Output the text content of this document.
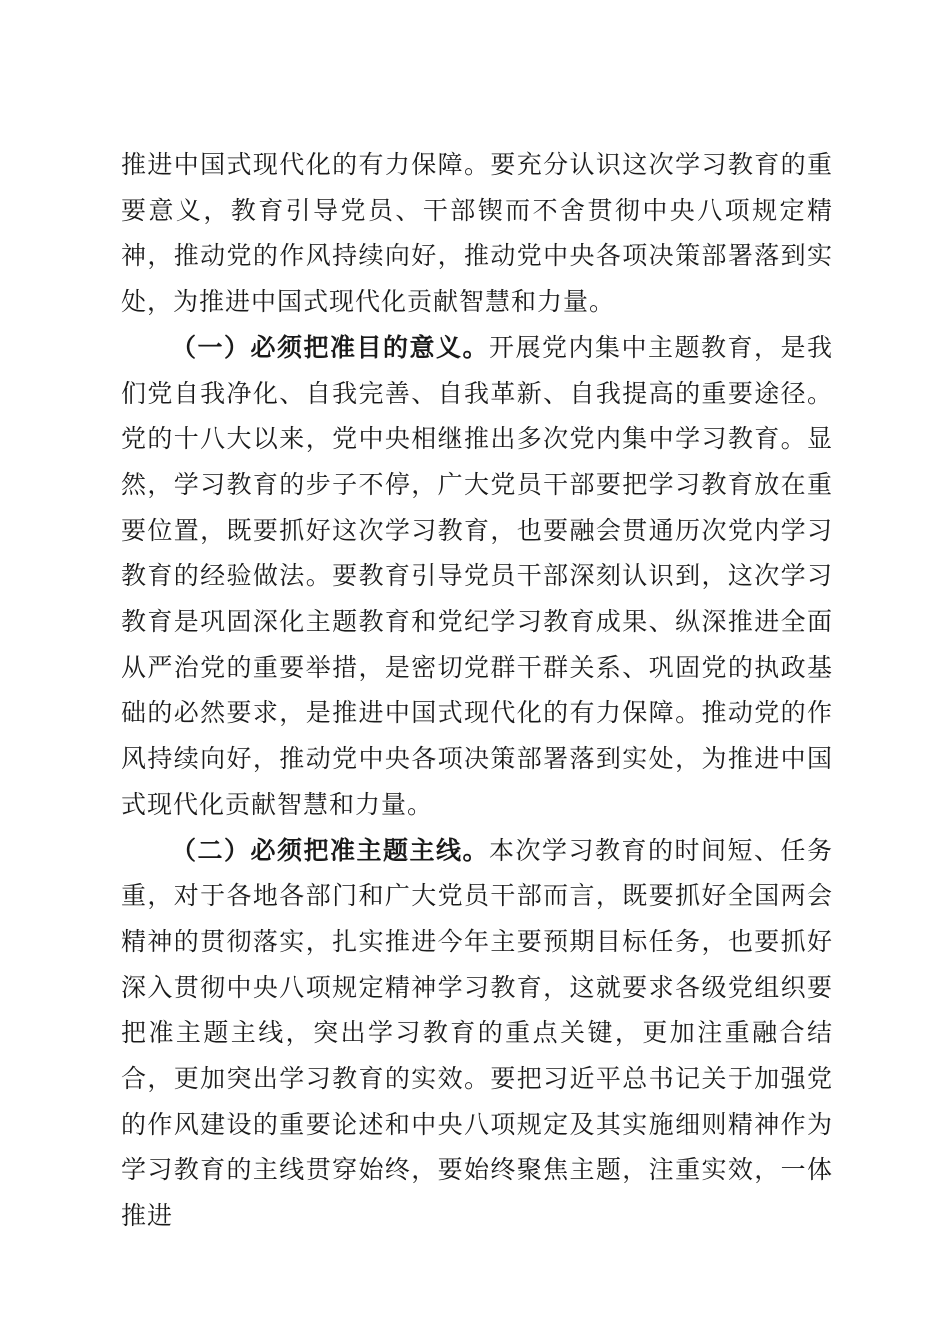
推进中国式现代化的有力保障。要充分认识这次学习教育的重要意义，教育引导党员、干部锲而不舍贯彻中央八项规定精神，推动党的作风持续向好，推动党中央各项决策部署落到实处，为推进中国式现代化贡献智慧和力量。

（一）必须把准目的意义。开展党内集中主题教育，是我们党自我净化、自我完善、自我革新、自我提高的重要途径。党的十八大以来，党中央相继推出多次党内集中学习教育。显然，学习教育的步子不停，广大党员干部要把学习教育放在重要位置，既要抓好这次学习教育，也要融会贯通历次党内学习教育的经验做法。要教育引导党员干部深刻认识到，这次学习教育是巩固深化主题教育和党纪学习教育成果、纵深推进全面从严治党的重要举措，是密切党群干群关系、巩固党的执政基础的必然要求，是推进中国式现代化的有力保障。推动党的作风持续向好，推动党中央各项决策部署落到实处，为推进中国式现代化贡献智慧和力量。

（二）必须把准主题主线。本次学习教育的时间短、任务重，对于各地各部门和广大党员干部而言，既要抓好全国两会精神的贯彻落实，扎实推进今年主要预期目标任务，也要抓好深入贯彻中央八项规定精神学习教育，这就要求各级党组织要把准主题主线，突出学习教育的重点关键，更加注重融合结合，更加突出学习教育的实效。要把习近平总书记关于加强党的作风建设的重要论述和中央八项规定及其实施细则精神作为学习教育的主线贯穿始终，要始终聚焦主题，注重实效，一体推进
